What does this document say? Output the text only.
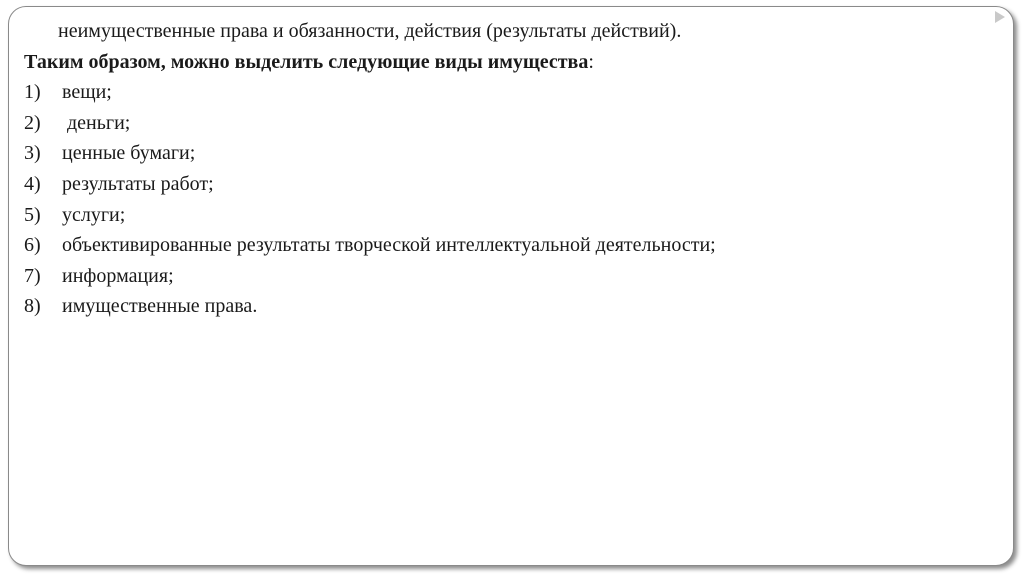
неимущественные права и обязанности, действия (результаты действий).

Таким образом, можно выделить следующие виды имущества:

1)	вещи;
2)	деньги;
3)	ценные бумаги;
4)	результаты работ;
5)	услуги;
6)	объективированные результаты творческой интеллектуальной деятельности;
7)	информация;
8)	имущественные права.
